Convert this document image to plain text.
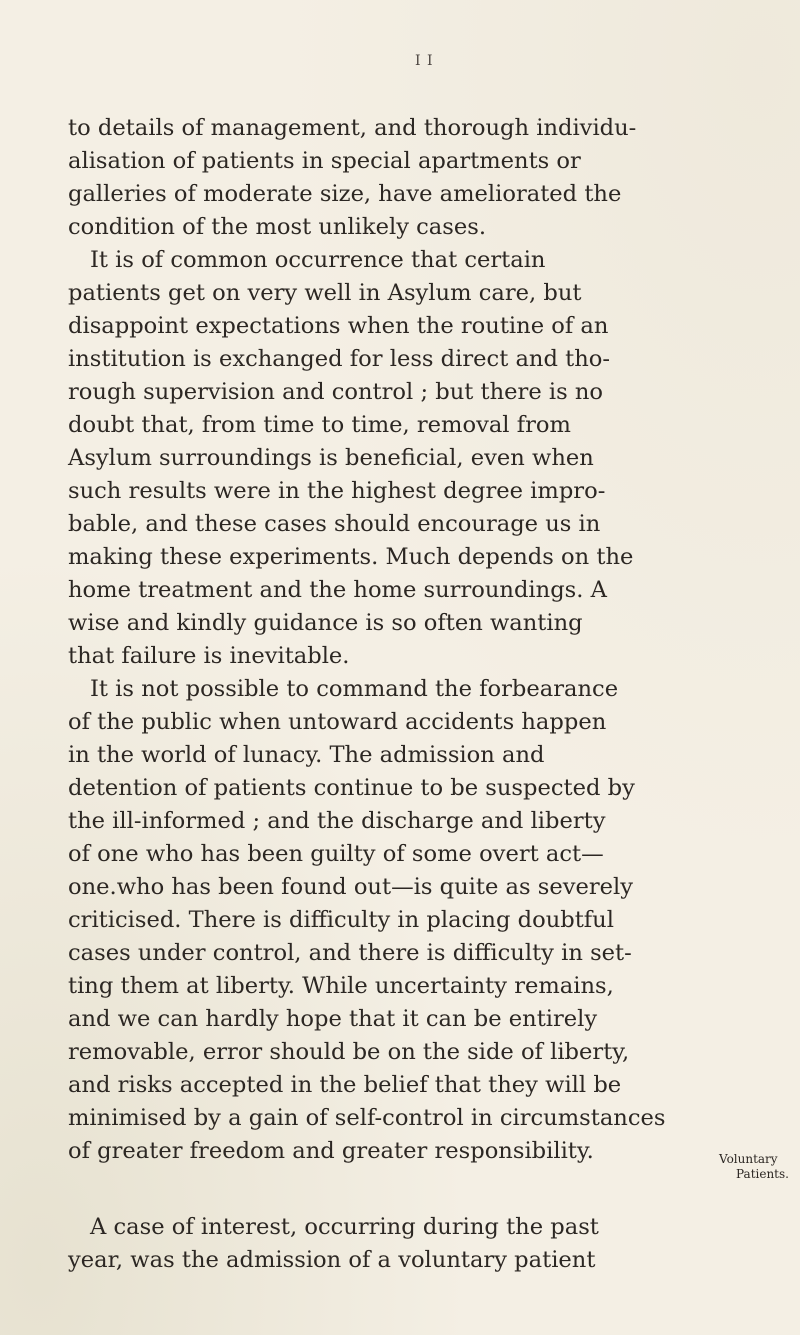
I I
to details of management, and thorough individu-
alisation of patients in special apartments or
galleries of moderate size, have ameliorated the
condition of the most unlikely cases.
It is of common occurrence that certain
patients get on very well in Asylum care, but
disappoint expectations when the routine of an
institution is exchanged for less direct and tho-
rough supervision and control ; but there is no
doubt that, from time to time, removal from
Asylum surroundings is beneficial, even when
such results were in the highest degree impro-
bable, and these cases should encourage us in
making these experiments. Much depends on the
home treatment and the home surroundings. A
wise and kindly guidance is so often wanting
that failure is inevitable.
It is not possible to command the forbearance
of the public when untoward accidents happen
in the world of lunacy. The admission and
detention of patients continue to be suspected by
the ill-informed ; and the discharge and liberty
of one who has been guilty of some overt act—
one.who has been found out—is quite as severely
criticised. There is difficulty in placing doubtful
cases under control, and there is difficulty in set-
ting them at liberty. While uncertainty remains,
and we can hardly hope that it can be entirely
removable, error should be on the side of liberty,
and risks accepted in the belief that they will be
minimised by a gain of self-control in circumstances
of greater freedom and greater responsibility.
A case of interest, occurring during the past
year, was the admission of a voluntary patient
Voluntary
Patients.
